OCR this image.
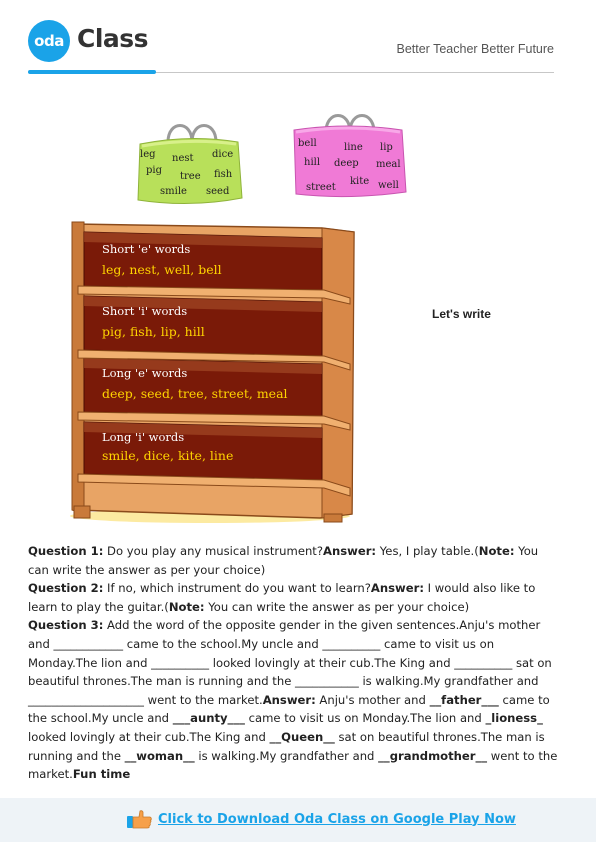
oda Class	Better Teacher Better Future
leg nest dice
pig
tree fish
smile seed
bell	line lip
hill deep meal
street
kite well
Short 'e' words
leg, nest, well, bell
Short 'i' words
pig, fish, lip, hill
Long 'e' words
deep, seed, tree, street, meal
Long 'i' words
smile, dice, kite, line
Let's write

Question 1: Do you play any musical instrument?Answer: Yes, I play table.(Note: You can write the answer as per your choice)

Question 2: If no, which instrument do you want to learn?Answer: I would also like to learn to play the guitar.(Note: You can write the answer as per your choice)

Question 3: Add the word of the opposite gender in the given sentences.Anju's mother and ____________ came to the school.My uncle and __________ came to visit us on Monday.The lion and __________ looked lovingly at their cub.The King and __________ sat on beautiful thrones.The man is running and the ___________ is walking.My grandfather and ____________________ went to the market.Answer: Anju's mother and __father___ came to the school.My uncle and ___aunty___ came to visit us on Monday.The lion and _lioness_ looked lovingly at their cub.The King and __Queen__ sat on beautiful thrones.The man is running and the __woman__ is walking.My grandfather and __grandmother__ went to the market.Fun time

Click to Download Oda Class on Google Play Now
